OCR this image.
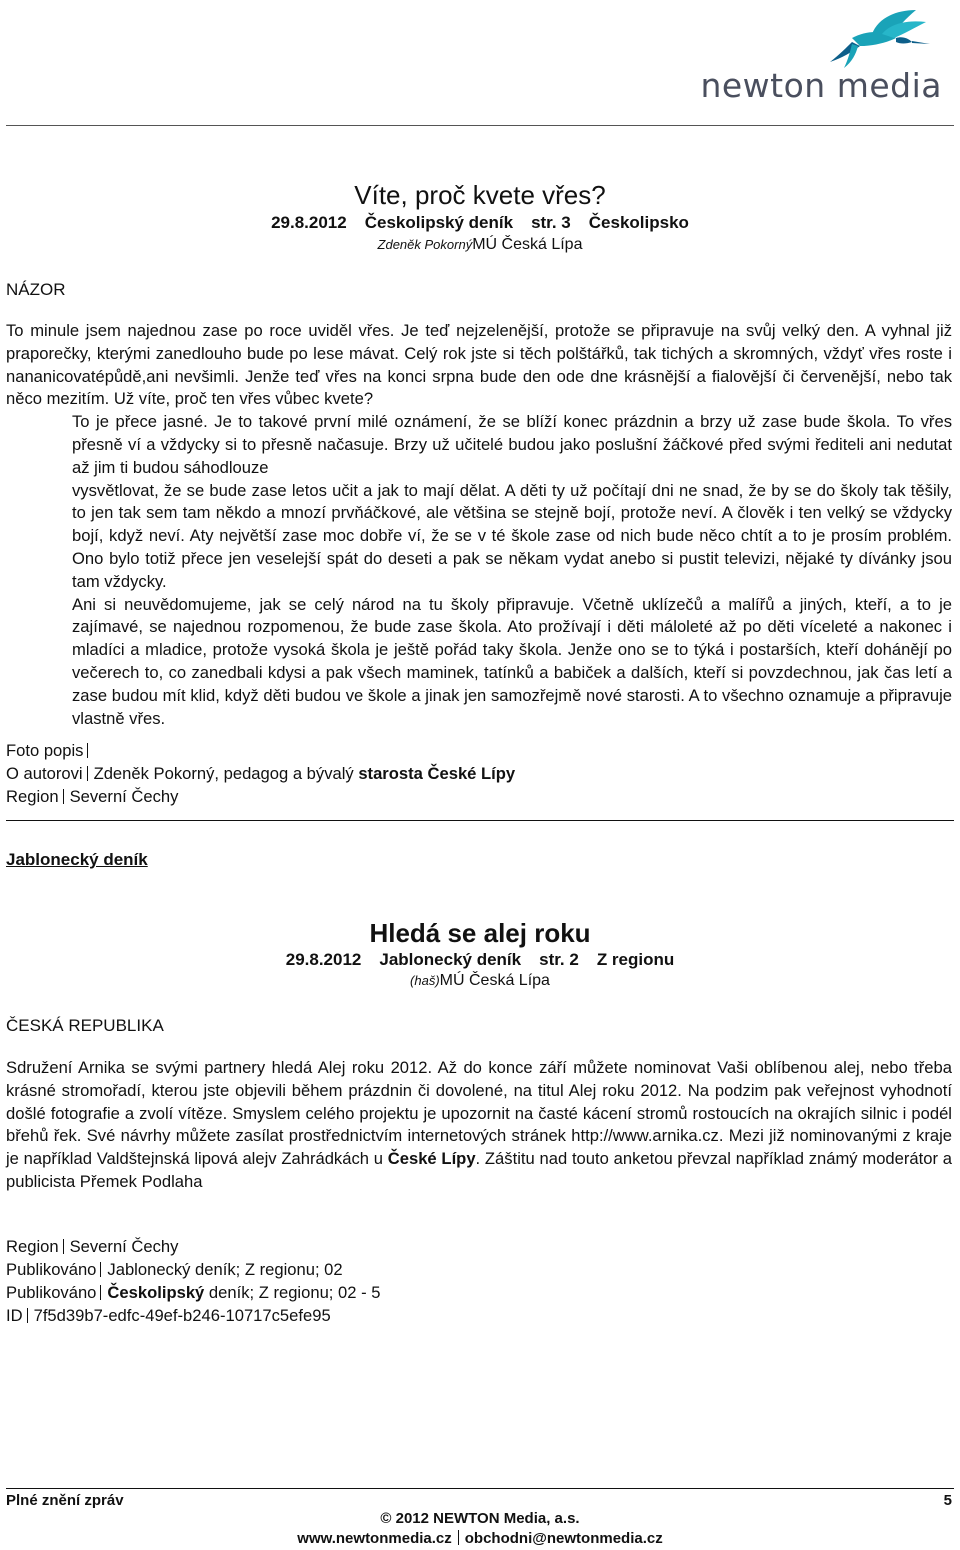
newton media
Víte, proč kvete vřes?
29.8.2012 Českolipský deník str. 3 Českolipsko
Zdeněk PokornýMÚ Česká Lípa
NÁZOR

To minule jsem najednou zase po roce uviděl vřes. Je teď nejzelenější, protože se připravuje na svůj velký den. A vyhnal již praporečky, kterými zanedlouho bude po lese mávat. Celý rok jste si těch polštářků, tak tichých a skromných, vždyť vřes roste i nananicovatépůdě,ani nevšimli. Jenže teď vřes na konci srpna bude den ode dne krásnější a fialovější či červenější, nebo tak něco mezitím. Už víte, proč ten vřes vůbec kvete?

To je přece jasné. Je to takové první milé oznámení, že se blíží konec prázdnin a brzy už zase bude škola. To vřes přesně ví a vždycky si to přesně načasuje. Brzy už učitelé budou jako poslušní žáčkové před svými řediteli ani nedutat až jim ti budou sáhodlouze

vysvětlovat, že se bude zase letos učit a jak to mají dělat. A děti ty už počítají dni ne snad, že by se do školy tak těšily, to jen tak sem tam někdo a mnozí prvňáčkové, ale většina se stejně bojí, protože neví. A člověk i ten velký se vždycky bojí, když neví. Aty největší zase moc dobře ví, že se v té škole zase od nich bude něco chtít a to je prosím problém. Ono bylo totiž přece jen veselejší spát do deseti a pak se někam vydat anebo si pustit televizi, nějaké ty dívánky jsou tam vždycky.

Ani si neuvědomujeme, jak se celý národ na tu školy připravuje. Včetně uklízečů a malířů a jiných, kteří, a to je zajímavé, se najednou rozpomenou, že bude zase škola. Ato prožívají i děti máloleté až po děti víceleté a nakonec i mladíci a mladice, protože vysoká škola je ještě pořád taky škola. Jenže ono se to týká i postarších, kteří dohánějí po večerech to, co zanedbali kdysi a pak všech maminek, tatínků a babiček a dalších, kteří si povzdechnou, jak čas letí a zase budou mít klid, když děti budou ve škole a jinak jen samozřejmě nové starosti. A to všechno oznamuje a připravuje vlastně vřes.

Foto popis
O autorovi Zdeněk Pokorný, pedagog a bývalý starosta České Lípy
Region Severní Čechy
Jablonecký deník
Hledá se alej roku
29.8.2012 Jablonecký deník str. 2 Z regionu
(haš)MÚ Česká Lípa
ČESKÁ REPUBLIKA

Sdružení Arnika se svými partnery hledá Alej roku 2012. Až do konce září můžete nominovat Vaši oblíbenou alej, nebo třeba krásné stromořadí, kterou jste objevili během prázdnin či dovolené, na titul Alej roku 2012. Na podzim pak veřejnost vyhodnotí došlé fotografie a zvolí vítěze. Smyslem celého projektu je upozornit na časté kácení stromů rostoucích na okrajích silnic i podél břehů řek. Své návrhy můžete zasílat prostřednictvím internetových stránek http://www.arnika.cz. Mezi již nominovanými z kraje je například Valdštejnská lipová alejv Zahrádkách u České Lípy. Záštitu nad touto anketou převzal například známý moderátor a publicista Přemek Podlaha

Region Severní Čechy
Publikováno Jablonecký deník; Z regionu; 02
Publikováno Českolipský deník; Z regionu; 02 - 5
ID 7f5d39b7-edfc-49ef-b246-10717c5efe95
Plné znění zpráv	5
© 2012 NEWTON Media, a.s.
www.newtonmedia.cz obchodni@newtonmedia.cz
